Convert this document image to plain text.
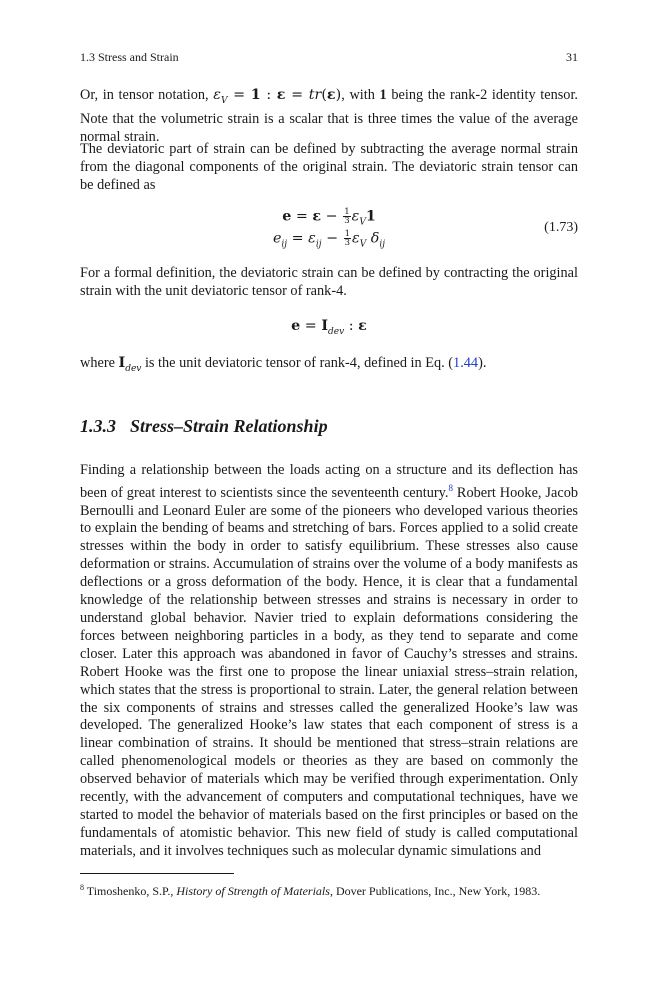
1.3 Stress and Strain	31
Or, in tensor notation, $\varepsilon_V = 1$ : ε = tr(ε), with 1 being the rank-2 identity tensor. Note that the volumetric strain is a scalar that is three times the value of the average normal strain.
The deviatoric part of strain can be defined by subtracting the average normal strain from the diagonal components of the original strain. The deviatoric strain tensor can be defined as
$e = \varepsilon - \frac{1}{3} \varepsilon_V1$
$e_{ij} = \varepsilon_{ij} - \frac{1}{3} \varepsilon_V$ $\delta_{ij}$
(1.73)
For a formal definition, the deviatoric strain can be defined by contracting the original strain with the unit deviatoric tensor of rank-4.
$e = I_{dev}$ : ε
where $I_{dev}$ is the unit deviatoric tensor of rank-4, defined in Eq. (1.44).
1.3.3 Stress–Strain Relationship
Finding a relationship between the loads acting on a structure and its deflection has been of great interest to scientists since the seventeenth century.$^8$ Robert Hooke, Jacob Bernoulli and Leonard Euler are some of the pioneers who developed various theories to explain the bending of beams and stretching of bars. Forces applied to a solid create stresses within the body in order to satisfy equilibrium. These stresses also cause deformation or strains. Accumulation of strains over the volume of a body manifests as deflections or a gross deformation of the body. Hence, it is clear that a fundamental knowledge of the relationship between stresses and strains is necessary in order to understand global behavior. Navier tried to explain deformations considering the forces between neighboring particles in a body, as they tend to separate and come closer. Later this approach was abandoned in favor of Cauchy’s stresses and strains. Robert Hooke was the first one to propose the linear uniaxial stress–strain relation, which states that the stress is proportional to strain. Later, the general relation between the six components of strains and stresses called the generalized Hooke’s law was developed. The generalized Hooke’s law states that each component of stress is a linear combination of strains. It should be mentioned that stress–strain relations are called phenomenological models or theories as they are based on commonly the observed behavior of materials which may be verified through experimentation. Only recently, with the advancement of computers and computational techniques, have we started to model the behavior of materials based on the first principles or based on the fundamentals of atomistic behavior. This new field of study is called computational materials, and it involves techniques such as molecular dynamic simulations and
$^8$ Timoshenko, S.P., History of Strength of Materials, Dover Publications, Inc., New York, 1983.
